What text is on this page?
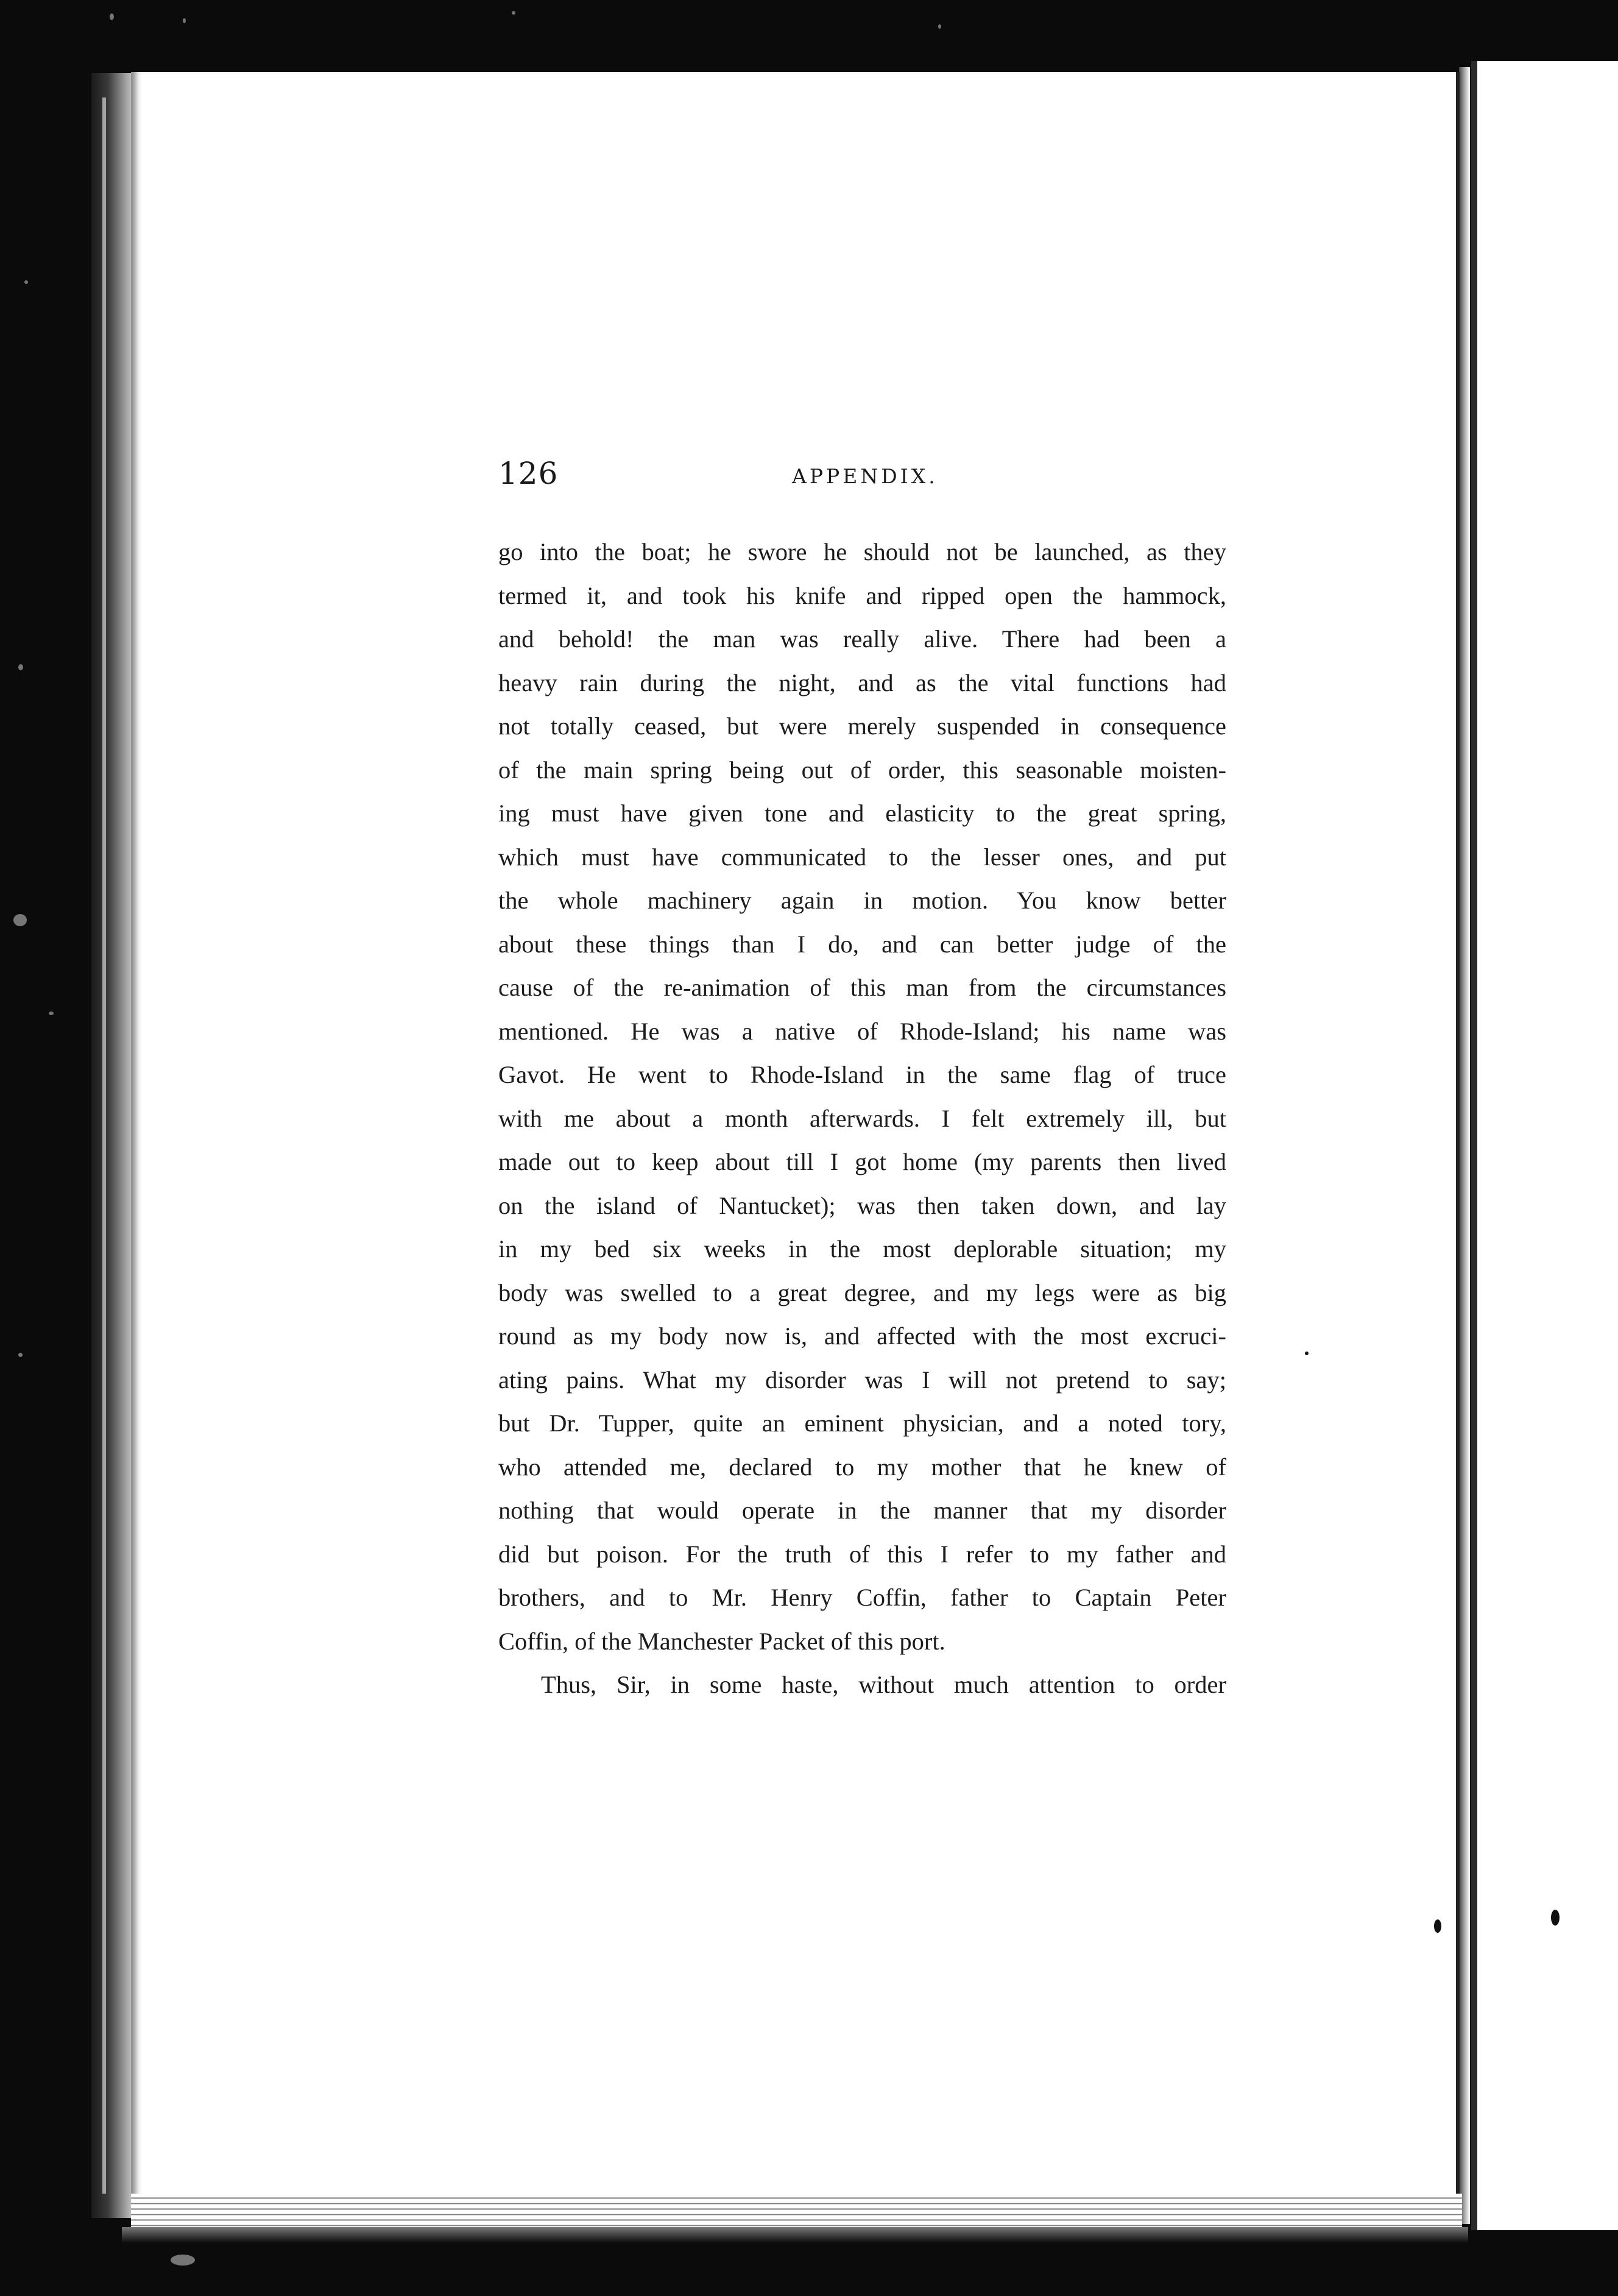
126	APPENDIX.
go into the boat; he swore he should not be launched, as they
termed it, and took his knife and ripped open the hammock,
and behold! the man was really alive. There had been a
heavy rain during the night, and as the vital functions had
not totally ceased, but were merely suspended in consequence
of the main spring being out of order, this seasonable moisten-
ing must have given tone and elasticity to the great spring,
which must have communicated to the lesser ones, and put
the whole machinery again in motion. You know better
about these things than I do, and can better judge of the
cause of the re-animation of this man from the circumstances
mentioned. He was a native of Rhode-Island; his name was
Gavot. He went to Rhode-Island in the same flag of truce
with me about a month afterwards. I felt extremely ill, but
made out to keep about till I got home (my parents then lived
on the island of Nantucket); was then taken down, and lay
in my bed six weeks in the most deplorable situation; my
body was swelled to a great degree, and my legs were as big
round as my body now is, and affected with the most excruci-
ating pains. What my disorder was I will not pretend to say;
but Dr. Tupper, quite an eminent physician, and a noted tory,
who attended me, declared to my mother that he knew of
nothing that would operate in the manner that my disorder
did but poison. For the truth of this I refer to my father and
brothers, and to Mr. Henry Coffin, father to Captain Peter
Coffin, of the Manchester Packet of this port.
Thus, Sir, in some haste, without much attention to order
